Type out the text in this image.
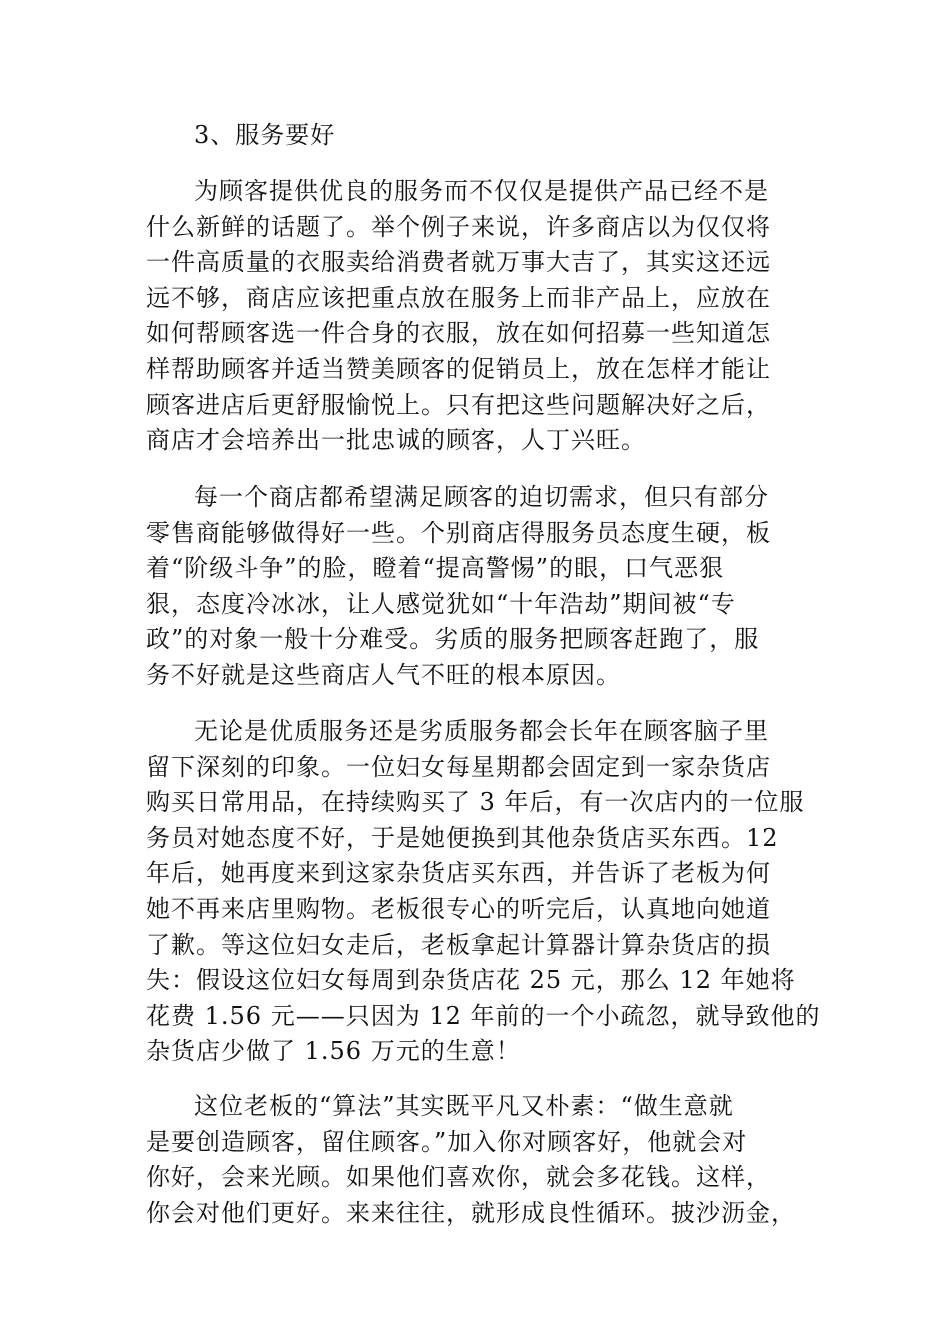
3、服务要好
为顾客提供优良的服务而不仅仅是提供产品已经不是
什么新鲜的话题了。举个例子来说，许多商店以为仅仅将
一件高质量的衣服卖给消费者就万事大吉了，其实这还远
远不够，商店应该把重点放在服务上而非产品上，应放在
如何帮顾客选一件合身的衣服，放在如何招募一些知道怎
样帮助顾客并适当赞美顾客的促销员上，放在怎样才能让
顾客进店后更舒服愉悦上。只有把这些问题解决好之后，
商店才会培养出一批忠诚的顾客，人丁兴旺。
每一个商店都希望满足顾客的迫切需求，但只有部分
零售商能够做得好一些。个别商店得服务员态度生硬，板
着“阶级斗争”的脸，瞪着“提高警惕”的眼，口气恶狠
狠，态度冷冰冰，让人感觉犹如“十年浩劫”期间被“专
政”的对象一般十分难受。劣质的服务把顾客赶跑了，服
务不好就是这些商店人气不旺的根本原因。
无论是优质服务还是劣质服务都会长年在顾客脑子里
留下深刻的印象。一位妇女每星期都会固定到一家杂货店
购买日常用品，在持续购买了 3 年后，有一次店内的一位服
务员对她态度不好，于是她便换到其他杂货店买东西。12
年后，她再度来到这家杂货店买东西，并告诉了老板为何
她不再来店里购物。老板很专心的听完后，认真地向她道
了歉。等这位妇女走后，老板拿起计算器计算杂货店的损
失：假设这位妇女每周到杂货店花 25 元，那么 12 年她将
花费 1.56 元——只因为 12 年前的一个小疏忽，就导致他的
杂货店少做了 1.56 万元的生意！
这位老板的“算法”其实既平凡又朴素：“做生意就
是要创造顾客，留住顾客。”加入你对顾客好，他就会对
你好，会来光顾。如果他们喜欢你，就会多花钱。这样，
你会对他们更好。来来往往，就形成良性循环。披沙沥金，
